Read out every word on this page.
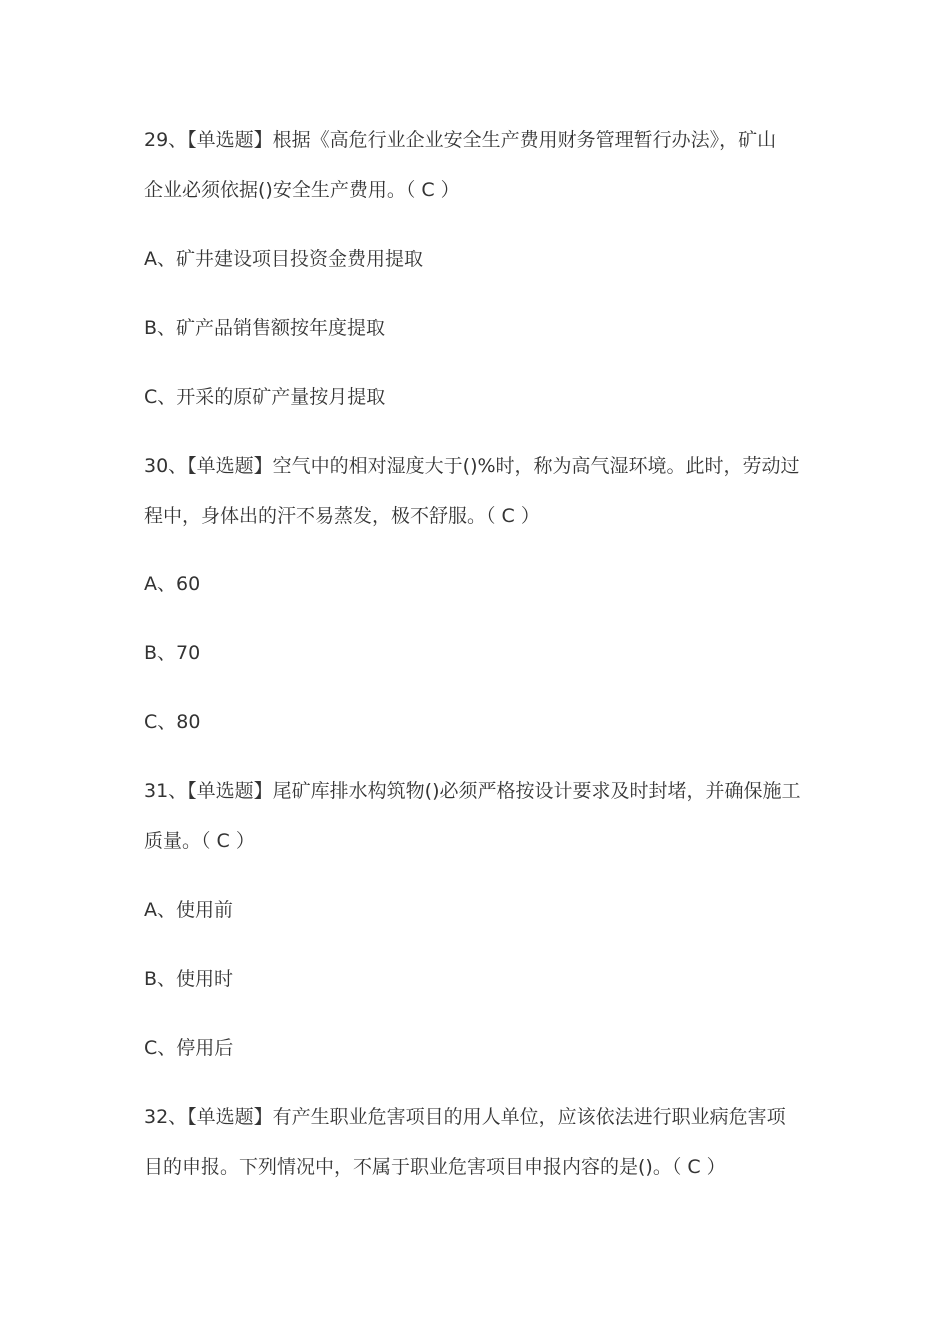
29、【单选题】根据《高危行业企业安全生产费用财务管理暂行办法》，矿山
企业必须依据()安全生产费用。（ C ）
A、矿井建设项目投资金费用提取
B、矿产品销售额按年度提取
C、开采的原矿产量按月提取
30、【单选题】空气中的相对湿度大于()%时，称为高气湿环境。此时，劳动过
程中，身体出的汗不易蒸发，极不舒服。（ C ）
A、60
B、70
C、80
31、【单选题】尾矿库排水构筑物()必须严格按设计要求及时封堵，并确保施工
质量。（ C ）
A、使用前
B、使用时
C、停用后
32、【单选题】有产生职业危害项目的用人单位，应该依法进行职业病危害项
目的申报。下列情况中，不属于职业危害项目申报内容的是()。（ C ）
